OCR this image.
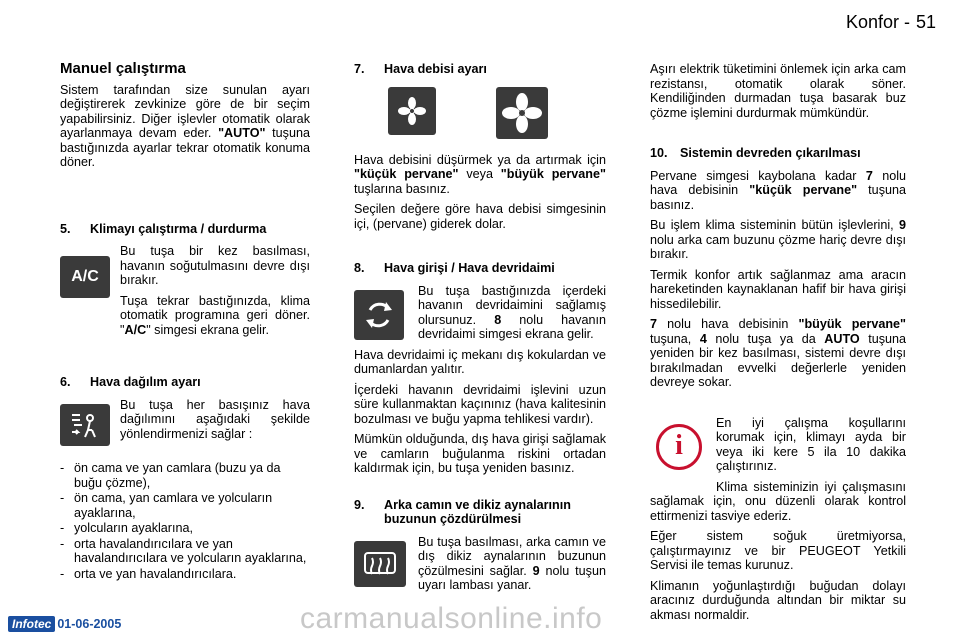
Konfor - 51
Manuel çalıştırma

Sistem tarafından size sunulan ayarı değiştirerek zevkinize göre de bir seçim yapabilirsiniz. Diğer işlevler otomatik olarak ayarlanmaya devam eder. "AUTO" tuşuna bastığınızda ayarlar tekrar otomatik konuma döner.

5.	Klimayı çalıştırma / durdurma
A/C

Bu tuşa bir kez basılması, havanın soğutulmasını devre dışı bırakır.

Tuşa tekrar bastığınızda, klima otomatik programına geri döner. "A/C" simgesi ekrana gelir.

6.	Hava dağılım ayarı

Bu tuşa her basışınız hava dağılımını aşağıdaki şekilde yönlendirmenizi sağlar :

- ön cama ve yan camlara (buzu ya da buğu çözme),
- ön cama, yan camlara ve yolcuların ayaklarına,
- yolcuların ayaklarına,
- orta havalandırıcılara ve yan havalandırıcılara ve yolcuların ayaklarına,
- orta ve yan havalandırıcılara.
7.	Hava debisi ayarı

Hava debisini düşürmek ya da artırmak için "küçük pervane" veya "büyük pervane" tuşlarına basınız.

Seçilen değere göre hava debisi simgesinin içi, (pervane) giderek dolar.

8.	Hava girişi / Hava devridaimi

Bu tuşa bastığınızda içerdeki havanın devridaimini sağlamış olursunuz. 8 nolu havanın devridaimi simgesi ekrana gelir.

Hava devridaimi iç mekanı dış kokulardan ve dumanlardan yalıtır.

İçerdeki havanın devridaimi işlevini uzun süre kullanmaktan kaçınınız (hava kalitesinin bozulması ve buğu yapma tehlikesi vardır).

Mümkün olduğunda, dış hava girişi sağlamak ve camların buğulanma riskini ortadan kaldırmak için, bu tuşa yeniden basınız.

9.	Arka camın ve dikiz aynalarının buzunun çözdürülmesi

Bu tuşa basılması, arka camın ve dış dikiz aynalarının buzunun çözülmesini sağlar. 9 nolu tuşun uyarı lambası yanar.

Aşırı elektrik tüketimini önlemek için arka cam rezistansı, otomatik olarak söner. Kendiliğinden durmadan tuşa basarak buz çözme işlemini durdurmak mümkündür.

10. Sistemin devreden çıkarılması

Pervane simgesi kaybolana kadar 7 nolu hava debisinin "küçük pervane" tuşuna basınız.

Bu işlem klima sisteminin bütün işlevlerini, 9 nolu arka cam buzunu çözme hariç devre dışı bırakır.

Termik konfor artık sağlanmaz ama aracın hareketinden kaynaklanan hafif bir hava girişi hissedilebilir.

7 nolu hava debisinin "büyük pervane" tuşuna, 4 nolu tuşa ya da AUTO tuşuna yeniden bir kez basılması, sistemi devre dışı bırakılmadan evvelki değerlerle yeniden devreye sokar.

i

En iyi çalışma koşullarını korumak için, klimayı ayda bir veya iki kere 5 ila 10 dakika çalıştırınız.

Klima sisteminizin iyi çalışmasını sağlamak için, onu düzenli olarak kontrol ettirmenizi tasviye ederiz.

Eğer sistem soğuk üretmiyorsa, çalıştırmayınız ve bir PEUGEOT Yetkili Servisi ile temas kurunuz.

Klimanın yoğunlaştırdığı buğudan dolayı aracınız durduğunda altından bir miktar su akması normaldir.

Infotec 01-06-2005	carmanualsonline.info
